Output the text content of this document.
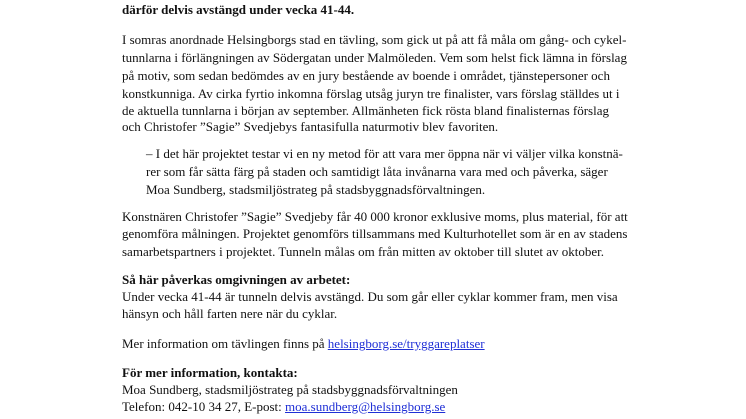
därför delvis avstängd under vecka 41-44.
I somras anordnade Helsingborgs stad en tävling, som gick ut på att få måla om gång- och cykel-
tunnlarna i förlängningen av Södergatan under Malmöleden. Vem som helst fick lämna in förslag
på motiv, som sedan bedömdes av en jury bestående av boende i området, tjänstepersoner och
konstkunniga. Av cirka fyrtio inkomna förslag utsåg juryn tre finalister, vars förslag ställdes ut i
de aktuella tunnlarna i början av september. Allmänheten fick rösta bland finalisternas förslag
och Christofer ”Sagie” Svedjebys fantasifulla naturmotiv blev favoriten.
– I det här projektet testar vi en ny metod för att vara mer öppna när vi väljer vilka konstnä-
rer som får sätta färg på staden och samtidigt låta invånarna vara med och påverka, säger
Moa Sundberg, stadsmiljöstrateg på stadsbyggnadsförvaltningen.
Konstnären Christofer ”Sagie” Svedjeby får 40 000 kronor exklusive moms, plus material, för att
genomföra målningen. Projektet genomförs tillsammans med Kulturhotellet som är en av stadens
samarbetspartners i projektet. Tunneln målas om från mitten av oktober till slutet av oktober.
Så här påverkas omgivningen av arbetet:
Under vecka 41-44 är tunneln delvis avstängd. Du som går eller cyklar kommer fram, men visa
hänsyn och håll farten nere när du cyklar.
Mer information om tävlingen finns på helsingborg.se/tryggareplatser
För mer information, kontakta:
Moa Sundberg, stadsmiljöstrateg på stadsbyggnadsförvaltningen
Telefon: 042-10 34 27, E-post: moa.sundberg@helsingborg.se
